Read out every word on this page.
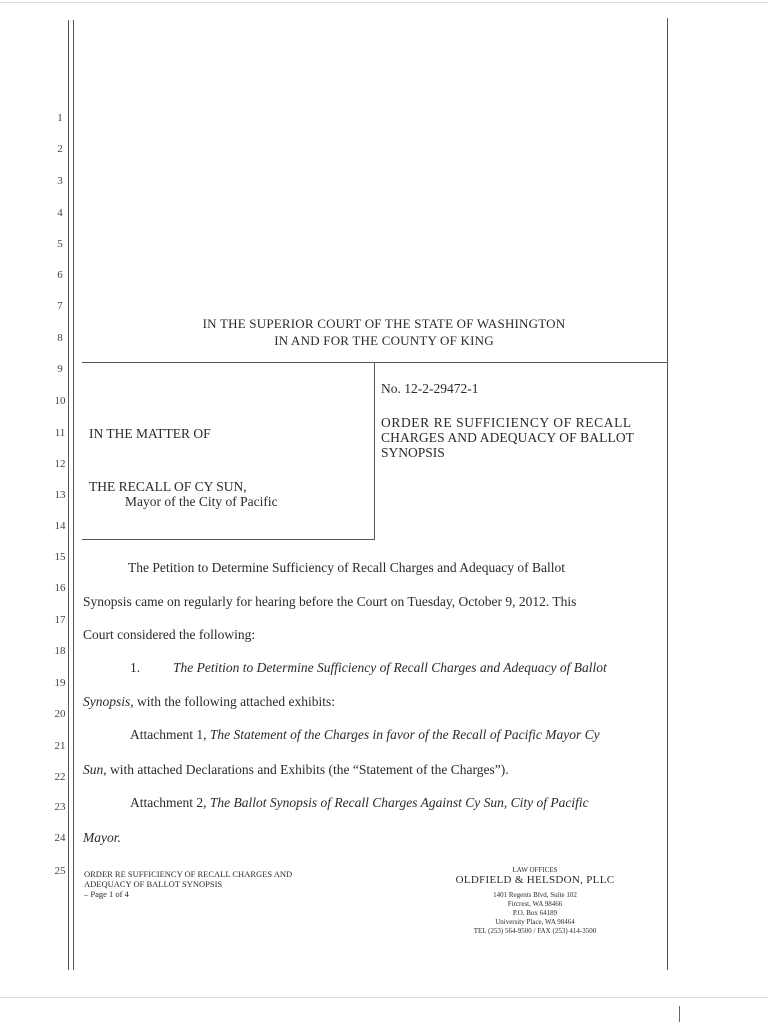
1
2
3
4
5
6
7
8
9
10
11
12
13
14
15
16
17
18
19
20
21
22
23
24
25
IN THE SUPERIOR COURT OF THE STATE OF WASHINGTON
IN AND FOR THE COUNTY OF KING
IN THE MATTER OF
THE RECALL OF CY SUN,
Mayor of the City of Pacific
No. 12-2-29472-1
ORDER RE SUFFICIENCY OF RECALL
CHARGES AND ADEQUACY OF BALLOT
SYNOPSIS
The Petition to Determine Sufficiency of Recall Charges and Adequacy of Ballot
Synopsis came on regularly for hearing before the Court on Tuesday, October 9, 2012. This
Court considered the following:
1. The Petition to Determine Sufficiency of Recall Charges and Adequacy of Ballot
Synopsis, with the following attached exhibits:
Attachment 1, The Statement of the Charges in favor of the Recall of Pacific Mayor Cy
Sun, with attached Declarations and Exhibits (the “Statement of the Charges”).
Attachment 2, The Ballot Synopsis of Recall Charges Against Cy Sun, City of Pacific
Mayor.
ORDER RE SUFFICIENCY OF RECALL CHARGES AND
ADEQUACY OF BALLOT SYNOPSIS
– Page 1 of 4
LAW OFFICES
OLDFIELD & HELSDON, PLLC
1401 Regents Blvd, Suite 102
Fircrest, WA 98466
P.O. Box 64189
University Place, WA 98464
TEL (253) 564-9500 / FAX (253) 414-3500
